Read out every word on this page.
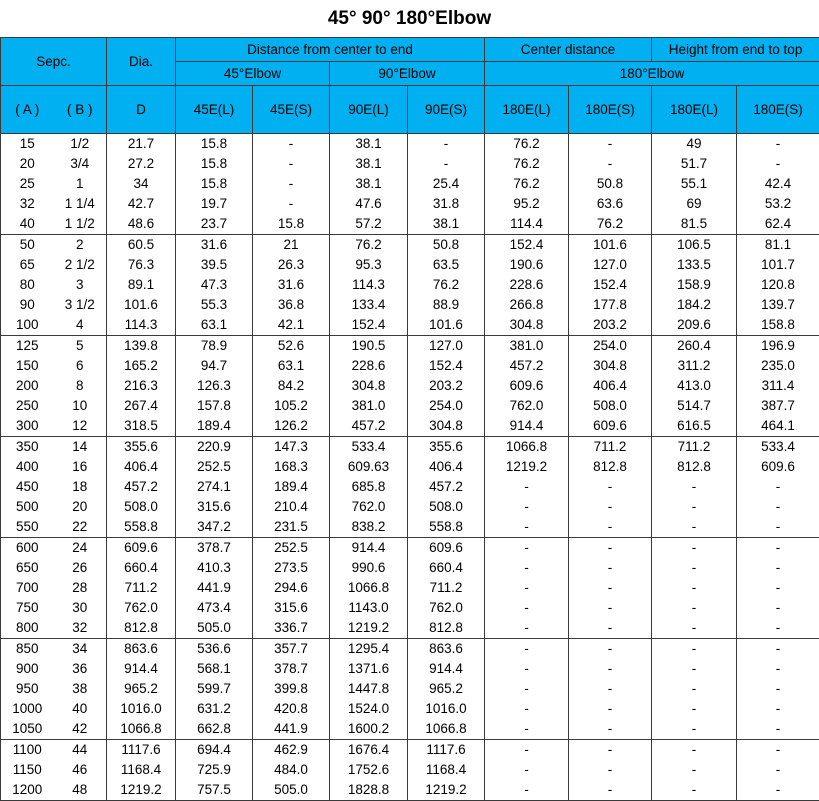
45° 90° 180°Elbow
Sepc.		Dia.	Distance from center to end				Center distance		Height from end to top	
			45°Elbow		90°Elbow		180°Elbow			
( A )	( B )	D	45E(L)	45E(S)	90E(L)	90E(S)	180E(L)	180E(S)	180E(L)	180E(S)
15	1/2	21.7	15.8	-	38.1	-	76.2	-	49	-
20	3/4	27.2	15.8	-	38.1	-	76.2	-	51.7	-
25	1	34	15.8	-	38.1	25.4	76.2	50.8	55.1	42.4
32	1 1/4	42.7	19.7	-	47.6	31.8	95.2	63.6	69	53.2
40	1 1/2	48.6	23.7	15.8	57.2	38.1	114.4	76.2	81.5	62.4
50	2	60.5	31.6	21	76.2	50.8	152.4	101.6	106.5	81.1
65	2 1/2	76.3	39.5	26.3	95.3	63.5	190.6	127.0	133.5	101.7
80	3	89.1	47.3	31.6	114.3	76.2	228.6	152.4	158.9	120.8
90	3 1/2	101.6	55.3	36.8	133.4	88.9	266.8	177.8	184.2	139.7
100	4	114.3	63.1	42.1	152.4	101.6	304.8	203.2	209.6	158.8
125	5	139.8	78.9	52.6	190.5	127.0	381.0	254.0	260.4	196.9
150	6	165.2	94.7	63.1	228.6	152.4	457.2	304.8	311.2	235.0
200	8	216.3	126.3	84.2	304.8	203.2	609.6	406.4	413.0	311.4
250	10	267.4	157.8	105.2	381.0	254.0	762.0	508.0	514.7	387.7
300	12	318.5	189.4	126.2	457.2	304.8	914.4	609.6	616.5	464.1
350	14	355.6	220.9	147.3	533.4	355.6	1066.8	711.2	711.2	533.4
400	16	406.4	252.5	168.3	609.63	406.4	1219.2	812.8	812.8	609.6
450	18	457.2	274.1	189.4	685.8	457.2	-	-	-	-
500	20	508.0	315.6	210.4	762.0	508.0	-	-	-	-
550	22	558.8	347.2	231.5	838.2	558.8	-	-	-	-
600	24	609.6	378.7	252.5	914.4	609.6	-	-	-	-
650	26	660.4	410.3	273.5	990.6	660.4	-	-	-	-
700	28	711.2	441.9	294.6	1066.8	711.2	-	-	-	-
750	30	762.0	473.4	315.6	1143.0	762.0	-	-	-	-
800	32	812.8	505.0	336.7	1219.2	812.8	-	-	-	-
850	34	863.6	536.6	357.7	1295.4	863.6	-	-	-	-
900	36	914.4	568.1	378.7	1371.6	914.4	-	-	-	-
950	38	965.2	599.7	399.8	1447.8	965.2	-	-	-	-
1000	40	1016.0	631.2	420.8	1524.0	1016.0	-	-	-	-
1050	42	1066.8	662.8	441.9	1600.2	1066.8	-	-	-	-
1100	44	1117.6	694.4	462.9	1676.4	1117.6	-	-	-	-
1150	46	1168.4	725.9	484.0	1752.6	1168.4	-	-	-	-
1200	48	1219.2	757.5	505.0	1828.8	1219.2	-	-	-	-
